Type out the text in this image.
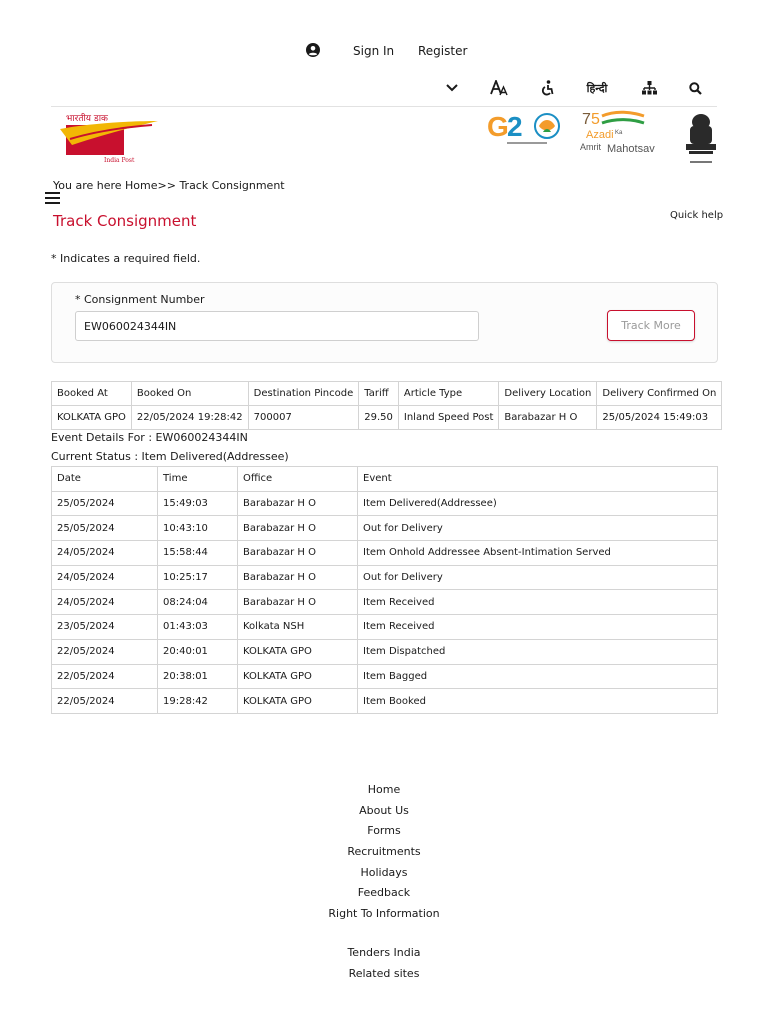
Sign In Register
हिन्दी
भारतीय डाक
India Post
G
2	7 5
Azadi Ka
Amrit Mahotsav
You are here Home>> Track Consignment
Track Consignment	Quick help
* Indicates a required field.
* Consignment Number
EW060024344IN
Track More
Booked At	Booked On	Destination Pincode	Tariff	Article Type	Delivery Location	Delivery Confirmed On
KOLKATA GPO	22/05/2024 19:28:42	700007	29.50	Inland Speed Post	Barabazar H O	25/05/2024 15:49:03
Event Details For : EW060024344IN
Current Status : Item Delivered(Addressee)
Date	Time	Office	Event
25/05/2024	15:49:03	Barabazar H O	Item Delivered(Addressee)
25/05/2024	10:43:10	Barabazar H O	Out for Delivery
24/05/2024	15:58:44	Barabazar H O	Item Onhold Addressee Absent-Intimation Served
24/05/2024	10:25:17	Barabazar H O	Out for Delivery
24/05/2024	08:24:04	Barabazar H O	Item Received
23/05/2024	01:43:03	Kolkata NSH	Item Received
22/05/2024	20:40:01	KOLKATA GPO	Item Dispatched
22/05/2024	20:38:01	KOLKATA GPO	Item Bagged
22/05/2024	19:28:42	KOLKATA GPO	Item Booked
Home
About Us
Forms
Recruitments
Holidays
Feedback
Right To Information
Tenders India
Related sites
